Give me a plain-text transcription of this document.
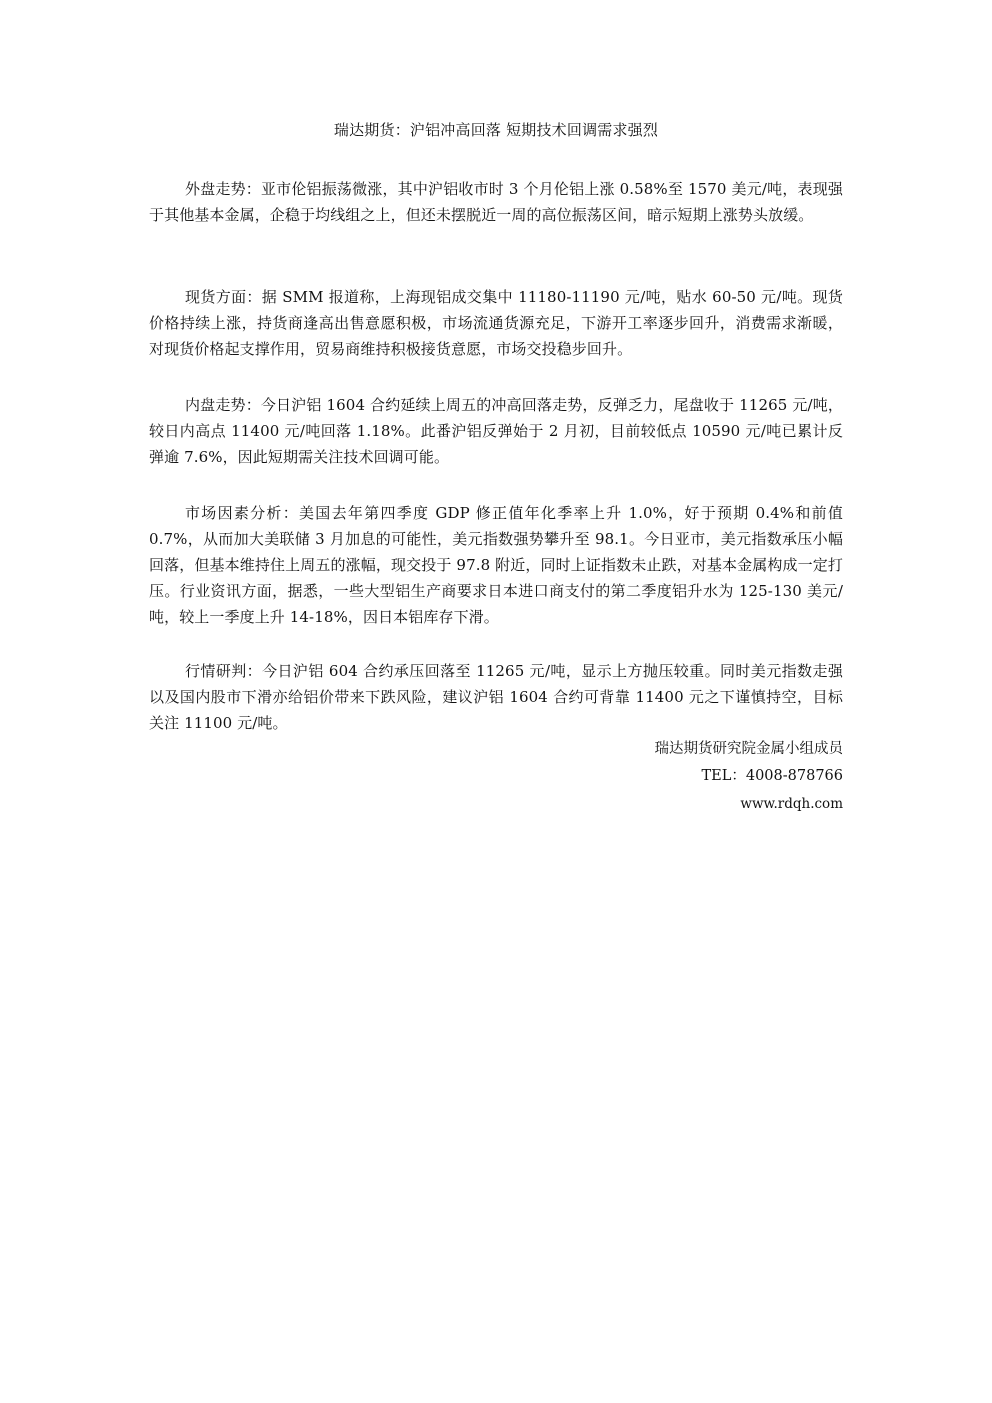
瑞达期货：沪铝冲高回落 短期技术回调需求强烈

外盘走势：亚市伦铝振荡微涨，其中沪铝收市时 3 个月伦铝上涨 0.58%至 1570 美元/吨，表现强于其他基本金属，企稳于均线组之上，但还未摆脱近一周的高位振荡区间，暗示短期上涨势头放缓。

现货方面：据 SMM 报道称，上海现铝成交集中 11180-11190 元/吨，贴水 60-50 元/吨。现货价格持续上涨，持货商逢高出售意愿积极，市场流通货源充足，下游开工率逐步回升，消费需求渐暖，对现货价格起支撑作用，贸易商维持积极接货意愿，市场交投稳步回升。

内盘走势：今日沪铝 1604 合约延续上周五的冲高回落走势，反弹乏力，尾盘收于 11265 元/吨，较日内高点 11400 元/吨回落 1.18%。此番沪铝反弹始于 2 月初，目前较低点 10590 元/吨已累计反弹逾 7.6%，因此短期需关注技术回调可能。

市场因素分析：美国去年第四季度 GDP 修正值年化季率上升 1.0%，好于预期 0.4%和前值 0.7%，从而加大美联储 3 月加息的可能性，美元指数强势攀升至 98.1。今日亚市，美元指数承压小幅回落，但基本维持住上周五的涨幅，现交投于 97.8 附近，同时上证指数未止跌，对基本金属构成一定打压。行业资讯方面，据悉，一些大型铝生产商要求日本进口商支付的第二季度铝升水为 125-130 美元/吨，较上一季度上升 14-18%，因日本铝库存下滑。

行情研判：今日沪铝 604 合约承压回落至 11265 元/吨，显示上方抛压较重。同时美元指数走强以及国内股市下滑亦给铝价带来下跌风险，建议沪铝 1604 合约可背靠 11400 元之下谨慎持空，目标关注 11100 元/吨。

瑞达期货研究院金属小组成员
TEL：4008-878766
www.rdqh.com
